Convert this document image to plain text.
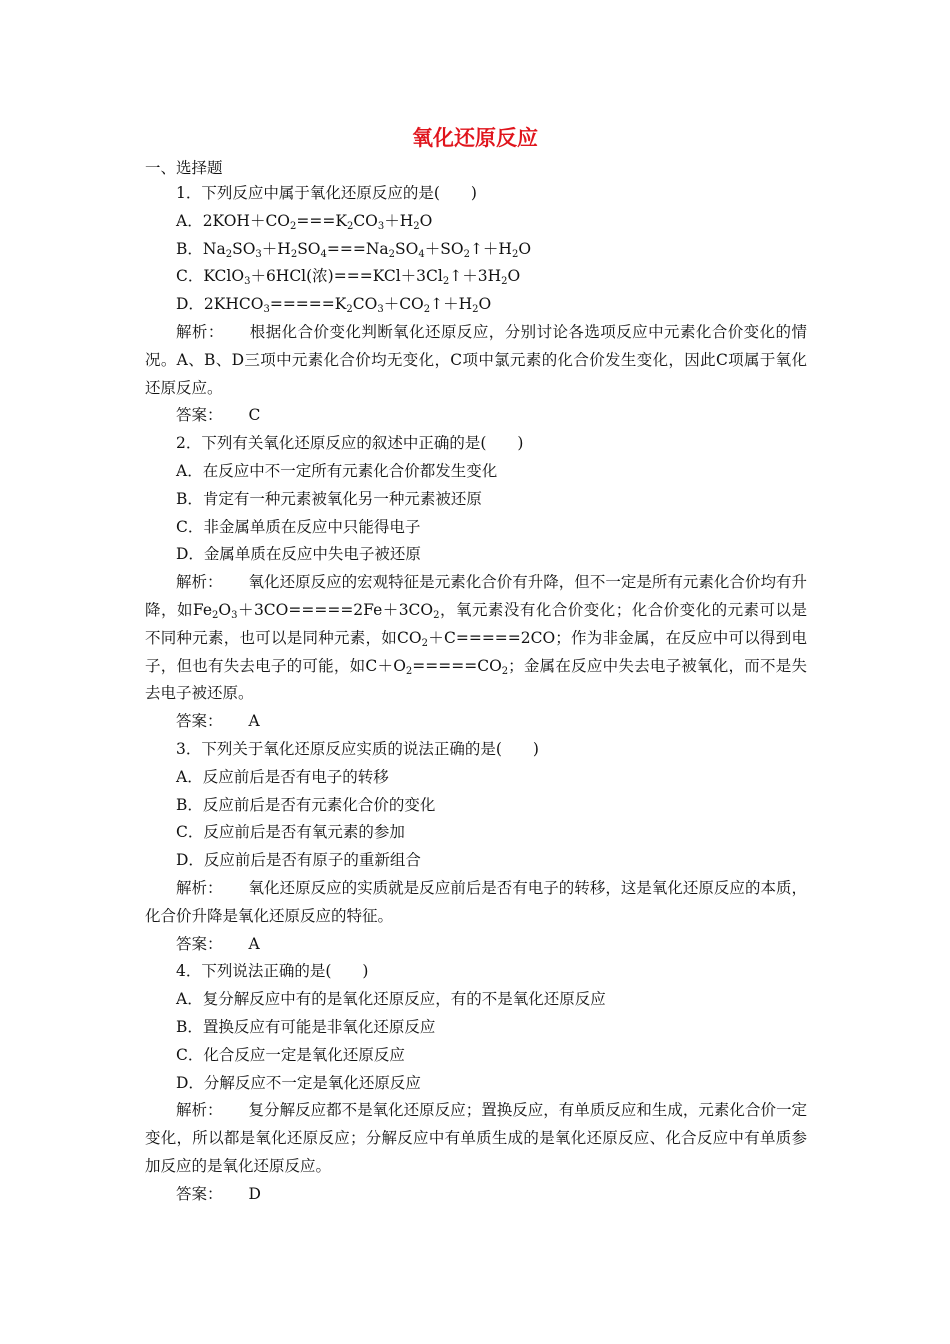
氧化还原反应
一、选择题
1．下列反应中属于氧化还原反应的是(　　)
A．$2KOH+CO_2===K_2CO_3+H_2O$
B．$Na_2SO_3+H_2SO_4===Na_2SO_4+SO_2↑+H_2O$
C．KClO$_3$＋6HCl(浓)$===KCl+3Cl_2↑+3H_2O$
D．$2KHCO_3=====K_2CO_3+CO_2↑+H_2O$
解析： 根据化合价变化判断氧化还原反应，分别讨论各选项反应中元素化合价变化的情况。A、B、D三项中元素化合价均无变化，C项中氯元素的化合价发生变化，因此C项属于氧化还原反应。
答案： C
2．下列有关氧化还原反应的叙述中正确的是(　　)
A．在反应中不一定所有元素化合价都发生变化
B．肯定有一种元素被氧化另一种元素被还原
C．非金属单质在反应中只能得电子
D．金属单质在反应中失电子被还原
解析： 氧化还原反应的宏观特征是元素化合价有升降，但不一定是所有元素化合价均有升降，如$Fe_2O_3+3CO=====2Fe+3CO_2$，氧元素没有化合价变化；化合价变化的元素可以是不同种元素，也可以是同种元素，如$CO_2+C=====2CO$；作为非金属，在反应中可以得到电子，但也有失去电子的可能，如$C+O_2=====CO_2$；金属在反应中失去电子被氧化，而不是失去电子被还原。
答案： A
3．下列关于氧化还原反应实质的说法正确的是(　　)
A．反应前后是否有电子的转移
B．反应前后是否有元素化合价的变化
C．反应前后是否有氧元素的参加
D．反应前后是否有原子的重新组合
解析： 氧化还原反应的实质就是反应前后是否有电子的转移，这是氧化还原反应的本质，化合价升降是氧化还原反应的特征。
答案： A
4．下列说法正确的是(　　)
A．复分解反应中有的是氧化还原反应，有的不是氧化还原反应
B．置换反应有可能是非氧化还原反应
C．化合反应一定是氧化还原反应
D．分解反应不一定是氧化还原反应
解析： 复分解反应都不是氧化还原反应；置换反应，有单质反应和生成，元素化合价一定变化，所以都是氧化还原反应；分解反应中有单质生成的是氧化还原反应、化合反应中有单质参加反应的是氧化还原反应。
答案： D
